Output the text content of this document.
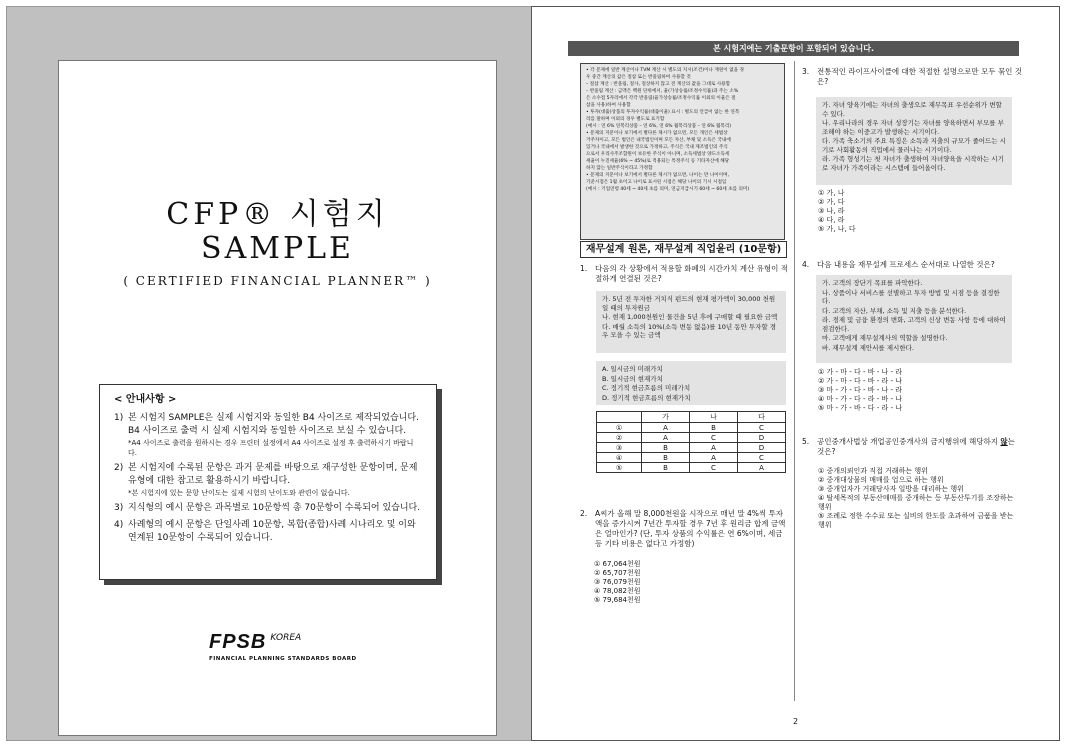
CFP® 시험지
SAMPLE
( CERTIFIED FINANCIAL PLANNER™ )
< 안내사항 >
1) 본 시험지 SAMPLE은 실제 시험지와 동일한 B4 사이즈로 제작되었습니다. B4 사이즈로 출력 시 실제 시험지와 동일한 사이즈로 보실 수 있습니다.
*A4 사이즈로 출력을 원하시는 경우 프린터 설정에서 A4 사이즈로 설정 후 출력하시기 바랍니다.
2) 본 시험지에 수록된 문항은 과거 문제를 바탕으로 재구성한 문항이며, 문제 유형에 대한 참고로 활용하시기 바랍니다.
*본 시험지에 있는 문항 난이도는 실제 시험의 난이도와 관련이 없습니다.
3) 지식형의 예시 문항은 과목별로 10문항씩 총 70문항이 수록되어 있습니다.
4) 사례형의 예시 문항은 단일사례 10문항, 복합(종합)사례 시나리오 및 이와 연계된 10문항이 수록되어 있습니다.
FPSB $^{KOREA}$
FINANCIAL PLANNING STANDARDS BOARD
본 시험지에는 기출문항이 포함되어 있습니다.
• 각 문제에 일반 계산이나 TVM 계산 시 별도의 지시(조건)이나 재원이 없을 경
우 중간 계산의 값은 절삽 또는 반올림하여 사용할 것
– 절삽 계산 : 반올림, 절사, 절상하지 않고 전 계산의 값을 그대로 사용함
– 반올림 계산 : 금액은 백원 단위에서, 율(가상승률/조정수익률)과 주는 소%
은 소수점 5자리에서 각각 반올림(율가상승률/조정수익률 이외의 이율은 절
삽을 사용)하여 사용함
• 투자(대출)상품의 투자수익률(대출이율) 표시 : 별도의 언급이 없는 한 연복
리를 말하며 이외의 경우 별도로 표기함
(예시 : 연 6% 연복리상품 – 연 6%, 연 6% 월복리상품 – 연 6% 월복리)
• 문제의 지문이나 보기에서 별다른 제시가 없으면, 모든 개인은 세법상
거주자이고, 모든 법인은 내국법인이며 모든 자산, 부채 및 소득은 국내에
있거나 국내에서 발생한 것으로 가정하고, 주식은 국내 제조법인의 주식
으로서 우리사주조합원이 보유한 주식이 아니며, 소득세법상 양도소득세
세율이 누진세율(6% ~ 45%)로 적용되는 특정주식 등 기타자산에 해당
하지 않는 일반주식이라고 가정함
• 문제의 지문이나 보기에서 별다른 제시가 없으면, 나이는 만 나이이며,
기준시점은 1월 초이고 나이로 표시된 시점은 해당 나이의 기시 시점임
(예시 : 기업연령 40세 ~ 40세 초를 의미, 연금지급시기 60세 ~ 60세 초를 의미)
재무설계 원론, 재무설계 직업윤리 (10문항)
1. 다음의 각 상황에서 적용할 화폐의 시간가치 계산 유형이 적절하게 연결된 것은?
가. 5년 전 투자한 거치식 펀드의 현재 평가액이 30,000 천원일 때의 투자원금
나. 현재 1,000천원인 물건을 5년 후에 구매할 때 필요한 금액
다. 매월 소득의 10%(소득 변동 없음)를 10년 동안 투자할 경우 모을 수 있는 금액
A. 일시금의 미래가치
B. 일시금의 현재가치
C. 정기적 현금흐름의 미래가치
D. 정기적 현금흐름의 현재가치
	가	나	다
①	A	B	C
②	A	C	D
③	B	A	D
④	B	A	C
⑤	B	C	A
2. A씨가 올해 말 8,000천원을 시작으로 매년 말 4%씩 투자액을 증가시켜 7년간 투자할 경우 7년 후 원리금 합계 금액은 얼마인가? (단, 투자 상품의 수익률은 연 6%이며, 세금 등 기타 비용은 없다고 가정함)
① 67,064천원
② 65,707천원
③ 76,079천원
④ 78,082천원
⑤ 79,684천원
3. 전통적인 라이프사이클에 대한 적절한 설명으로만 모두 묶인 것은?
가. 자녀 양육기에는 자녀의 출생으로 재무목표 우선순위가 변할 수 있다.
나. 우리나라의 경우 자녀 성장기는 자녀를 양육하면서 부모를 부조해야 하는 이중고가 발생하는 시기이다.
다. 가족 축소기의 주요 특징은 소득과 지출의 규모가 줄어드는 시기로 사회활동의 직업에서 물러나는 시기이다.
라. 가족 형성기는 첫 자녀가 출생하여 자녀양육을 시작하는 시기로 자녀가 가족이라는 시스템에 들어올이다.
① 가, 나
② 가, 다
③ 나, 라
④ 다, 라
⑤ 가, 나, 다
4. 다음 내용을 재무설계 프로세스 순서대로 나열한 것은?
가. 고객의 장단기 목표를 파악한다.
나. 상품이나 서비스를 선별하고 투자 방법 및 시점 등을 결정한다.
다. 고객의 자산, 부채, 소득 및 지출 등을 분석한다.
라. 경제 및 금융 환경의 변화, 고객의 신상 변동 사항 등에 대하여 점검한다.
마. 고객에게 재무설계사의 역할을 설명한다.
바. 재무설계 제안서를 제시한다.
① 가 - 마 - 다 - 바 - 나 - 라
② 가 - 마 - 다 - 바 - 라 - 나
③ 마 - 가 - 다 - 바 - 나 - 라
④ 마 - 가 - 다 - 라 - 바 - 나
⑤ 마 - 가 - 바 - 다 - 라 - 나
5. 공인중개사법상 개업공인중개사의 금지행위에 해당하지 않는 것은?
① 중개의뢰인과 직접 거래하는 행위
② 중개대상물의 매매를 업으로 하는 행위
③ 중개업자가 거래당사자 일방을 대리하는 행위
④ 탈세목적의 부동산매매를 중개하는 등 부동산투기를 조장하는 행위
⑤ 조례로 정한 수수료 또는 실비의 한도를 초과하여 금품을 받는 행위
2
